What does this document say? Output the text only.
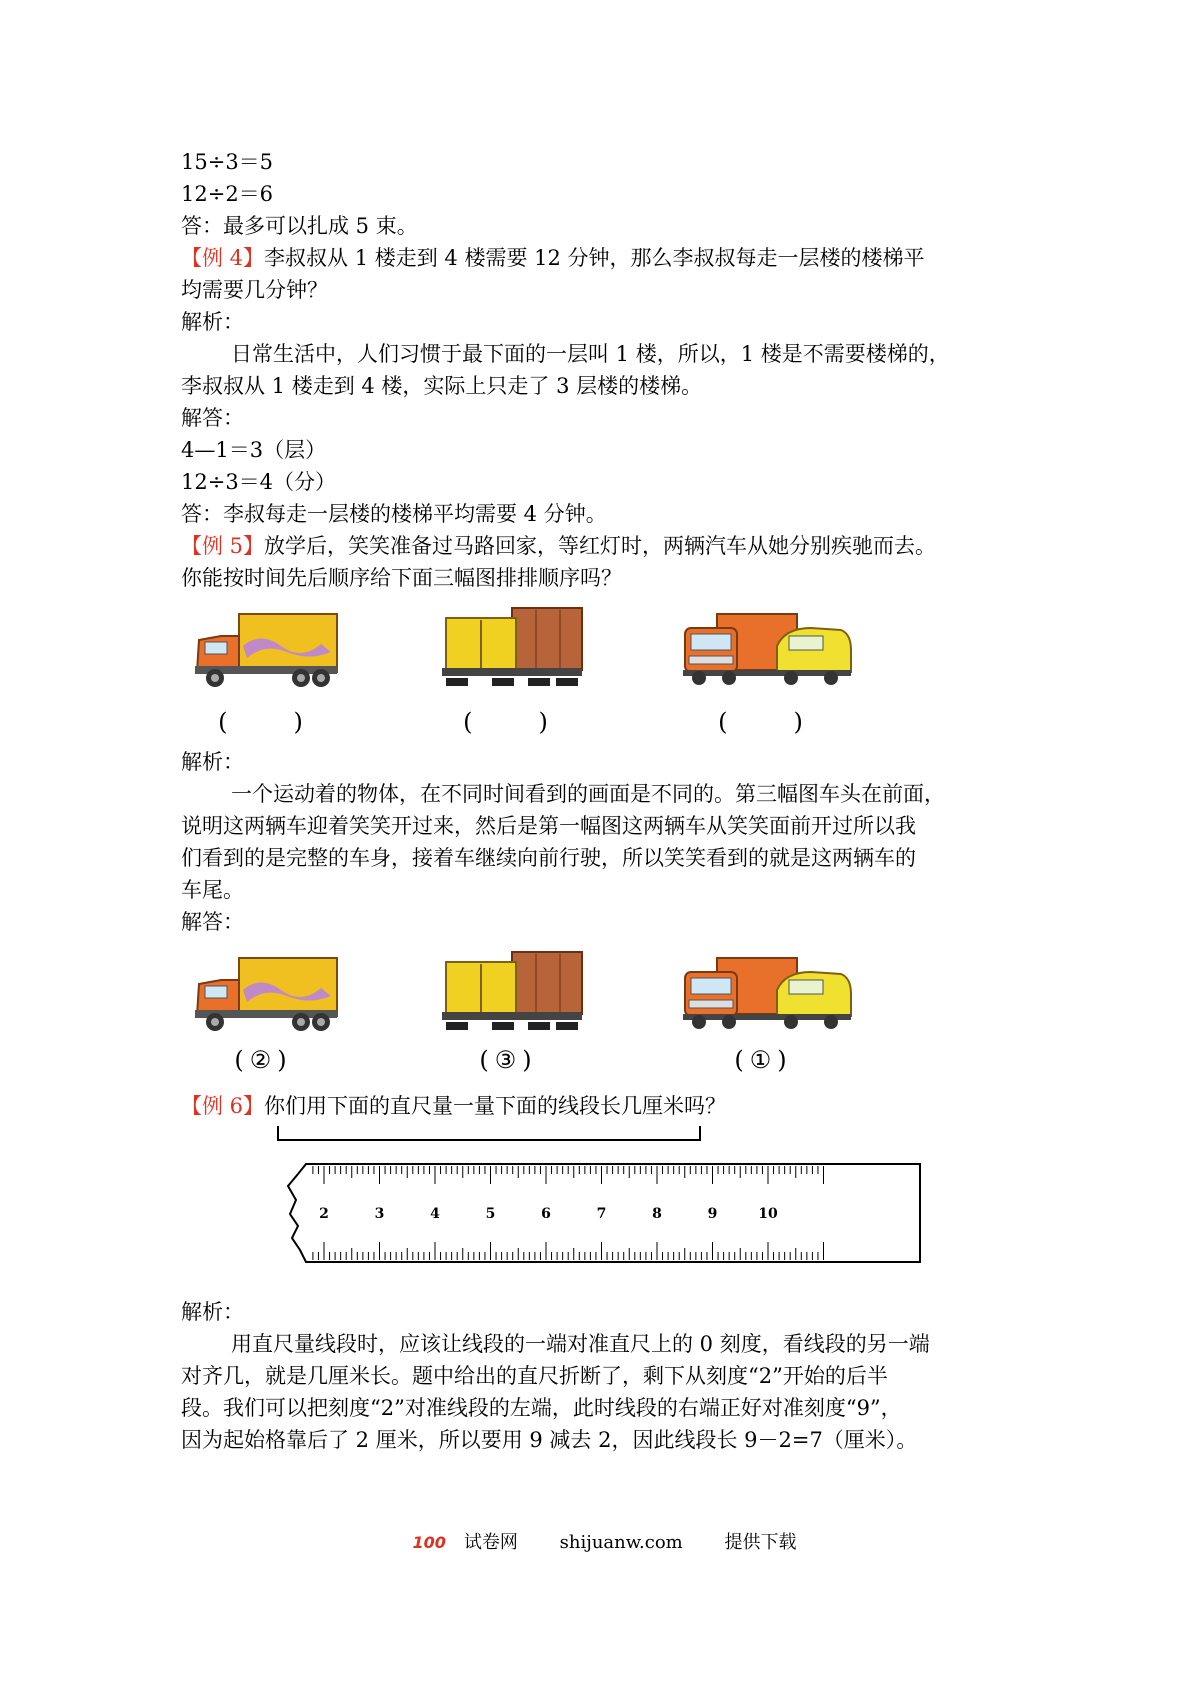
15÷3＝5
12÷2＝6
答：最多可以扎成 5 束。
【例 4】李叔叔从 1 楼走到 4 楼需要 12 分钟，那么李叔叔每走一层楼的楼梯平
均需要几分钟？
解析：
日常生活中，人们习惯于最下面的一层叫 1 楼，所以，1 楼是不需要楼梯的，
李叔叔从 1 楼走到 4 楼，实际上只走了 3 层楼的楼梯。
解答：
4—1＝3（层）
12÷3＝4（分）
答：李叔每走一层楼的楼梯平均需要 4 分钟。
【例 5】放学后，笑笑准备过马路回家，等红灯时，两辆汽车从她分别疾驰而去。
你能按时间先后顺序给下面三幅图排排顺序吗？
(　　)	(　　)	(　　)
解析：
一个运动着的物体，在不同时间看到的画面是不同的。第三幅图车头在前面，
说明这两辆车迎着笑笑开过来，然后是第一幅图这两辆车从笑笑面前开过所以我
们看到的是完整的车身，接着车继续向前行驶，所以笑笑看到的就是这两辆车的
车尾。
解答：
(②)	(③)	(①)
【例 6】你们用下面的直尺量一量下面的线段长几厘米吗？
2	3	4	5	6	7	8	9	10
解析：
用直尺量线段时，应该让线段的一端对准直尺上的 0 刻度，看线段的另一端
对齐几，就是几厘米长。题中给出的直尺折断了，剩下从刻度“2”开始的后半
段。我们可以把刻度“2”对准线段的左端，此时线段的右端正好对准刻度“9”，
因为起始格靠后了 2 厘米，所以要用 9 减去 2，因此线段长 9－2=7（厘米）。
100 试卷网 shijuanw.com 提供下载
